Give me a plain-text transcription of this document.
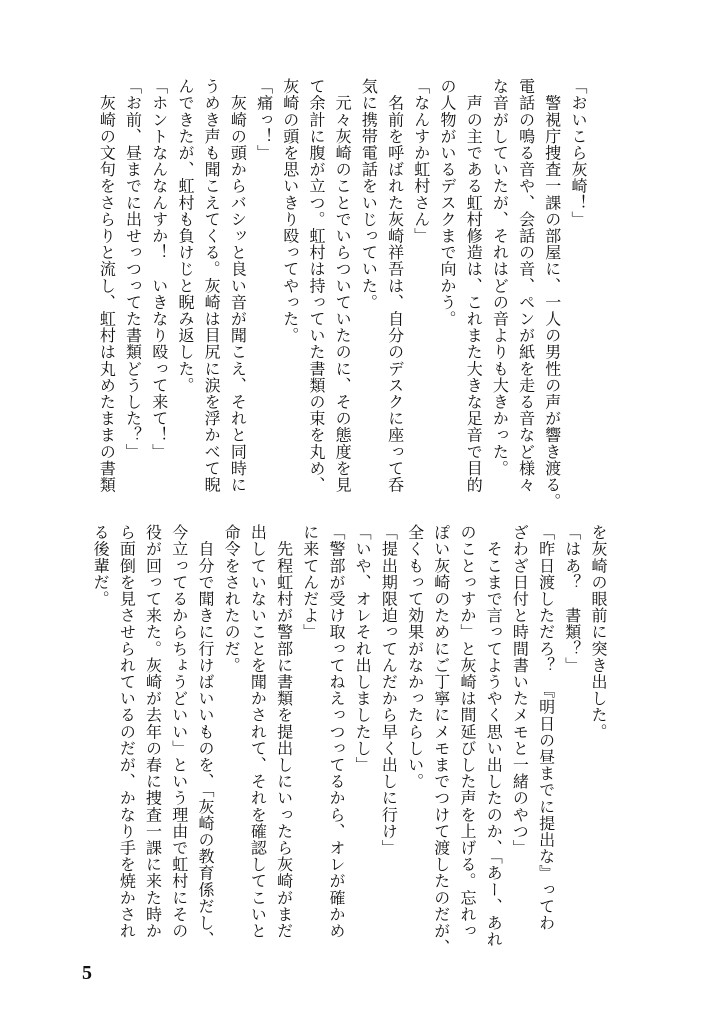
「おいこら灰崎！」
　警視庁捜査一課の部屋に、一人の男性の声が響き渡る。
電話の鳴る音や、会話の音、ペンが紙を走る音など様々
な音がしていたが、それはどの音よりも大きかった。
　声の主である虹村修造は、これまた大きな足音で目的
の人物がいるデスクまで向かう。
「なんすか虹村さん」
　名前を呼ばれた灰崎祥吾は、自分のデスクに座って呑
気に携帯電話をいじっていた。
　元々灰崎のことでいらついていたのに、その態度を見
て余計に腹が立つ。虹村は持っていた書類の束を丸め、
灰崎の頭を思いきり殴ってやった。
「痛っ！」
　灰崎の頭からバシッと良い音が聞こえ、それと同時に
うめき声も聞こえてくる。灰崎は目尻に涙を浮かべて睨
んできたが、虹村も負けじと睨み返した。
「ホントなんなんすか！　いきなり殴って来て！」
「お前、昼までに出せっつってた書類どうした？」
　灰崎の文句をさらりと流し、虹村は丸めたままの書類
を灰崎の眼前に突き出した。
「はあ？　書類？」
「昨日渡しただろ？　『明日の昼までに提出な』ってわ
ざわざ日付と時間書いたメモと一緒のやつ」
　そこまで言ってようやく思い出したのか、「あー、あれ
のことっすか」と灰崎は間延びした声を上げる。忘れっ
ぽい灰崎のためにご丁寧にメモまでつけて渡したのだが、
全くもって効果がなかったらしい。
「提出期限迫ってんだから早く出しに行け」
「いや、オレそれ出しましたし」
「警部が受け取ってねえっつってるから、オレが確かめ
に来てんだよ」
　先程虹村が警部に書類を提出しにいったら灰崎がまだ
出していないことを聞かされて、それを確認してこいと
命令をされたのだ。
　自分で聞きに行けばいいものを、「灰崎の教育係だし、
今立ってるからちょうどいい」という理由で虹村にその
役が回って来た。灰崎が去年の春に捜査一課に来た時か
ら面倒を見させられているのだが、かなり手を焼かされ
る後輩だ。
5
